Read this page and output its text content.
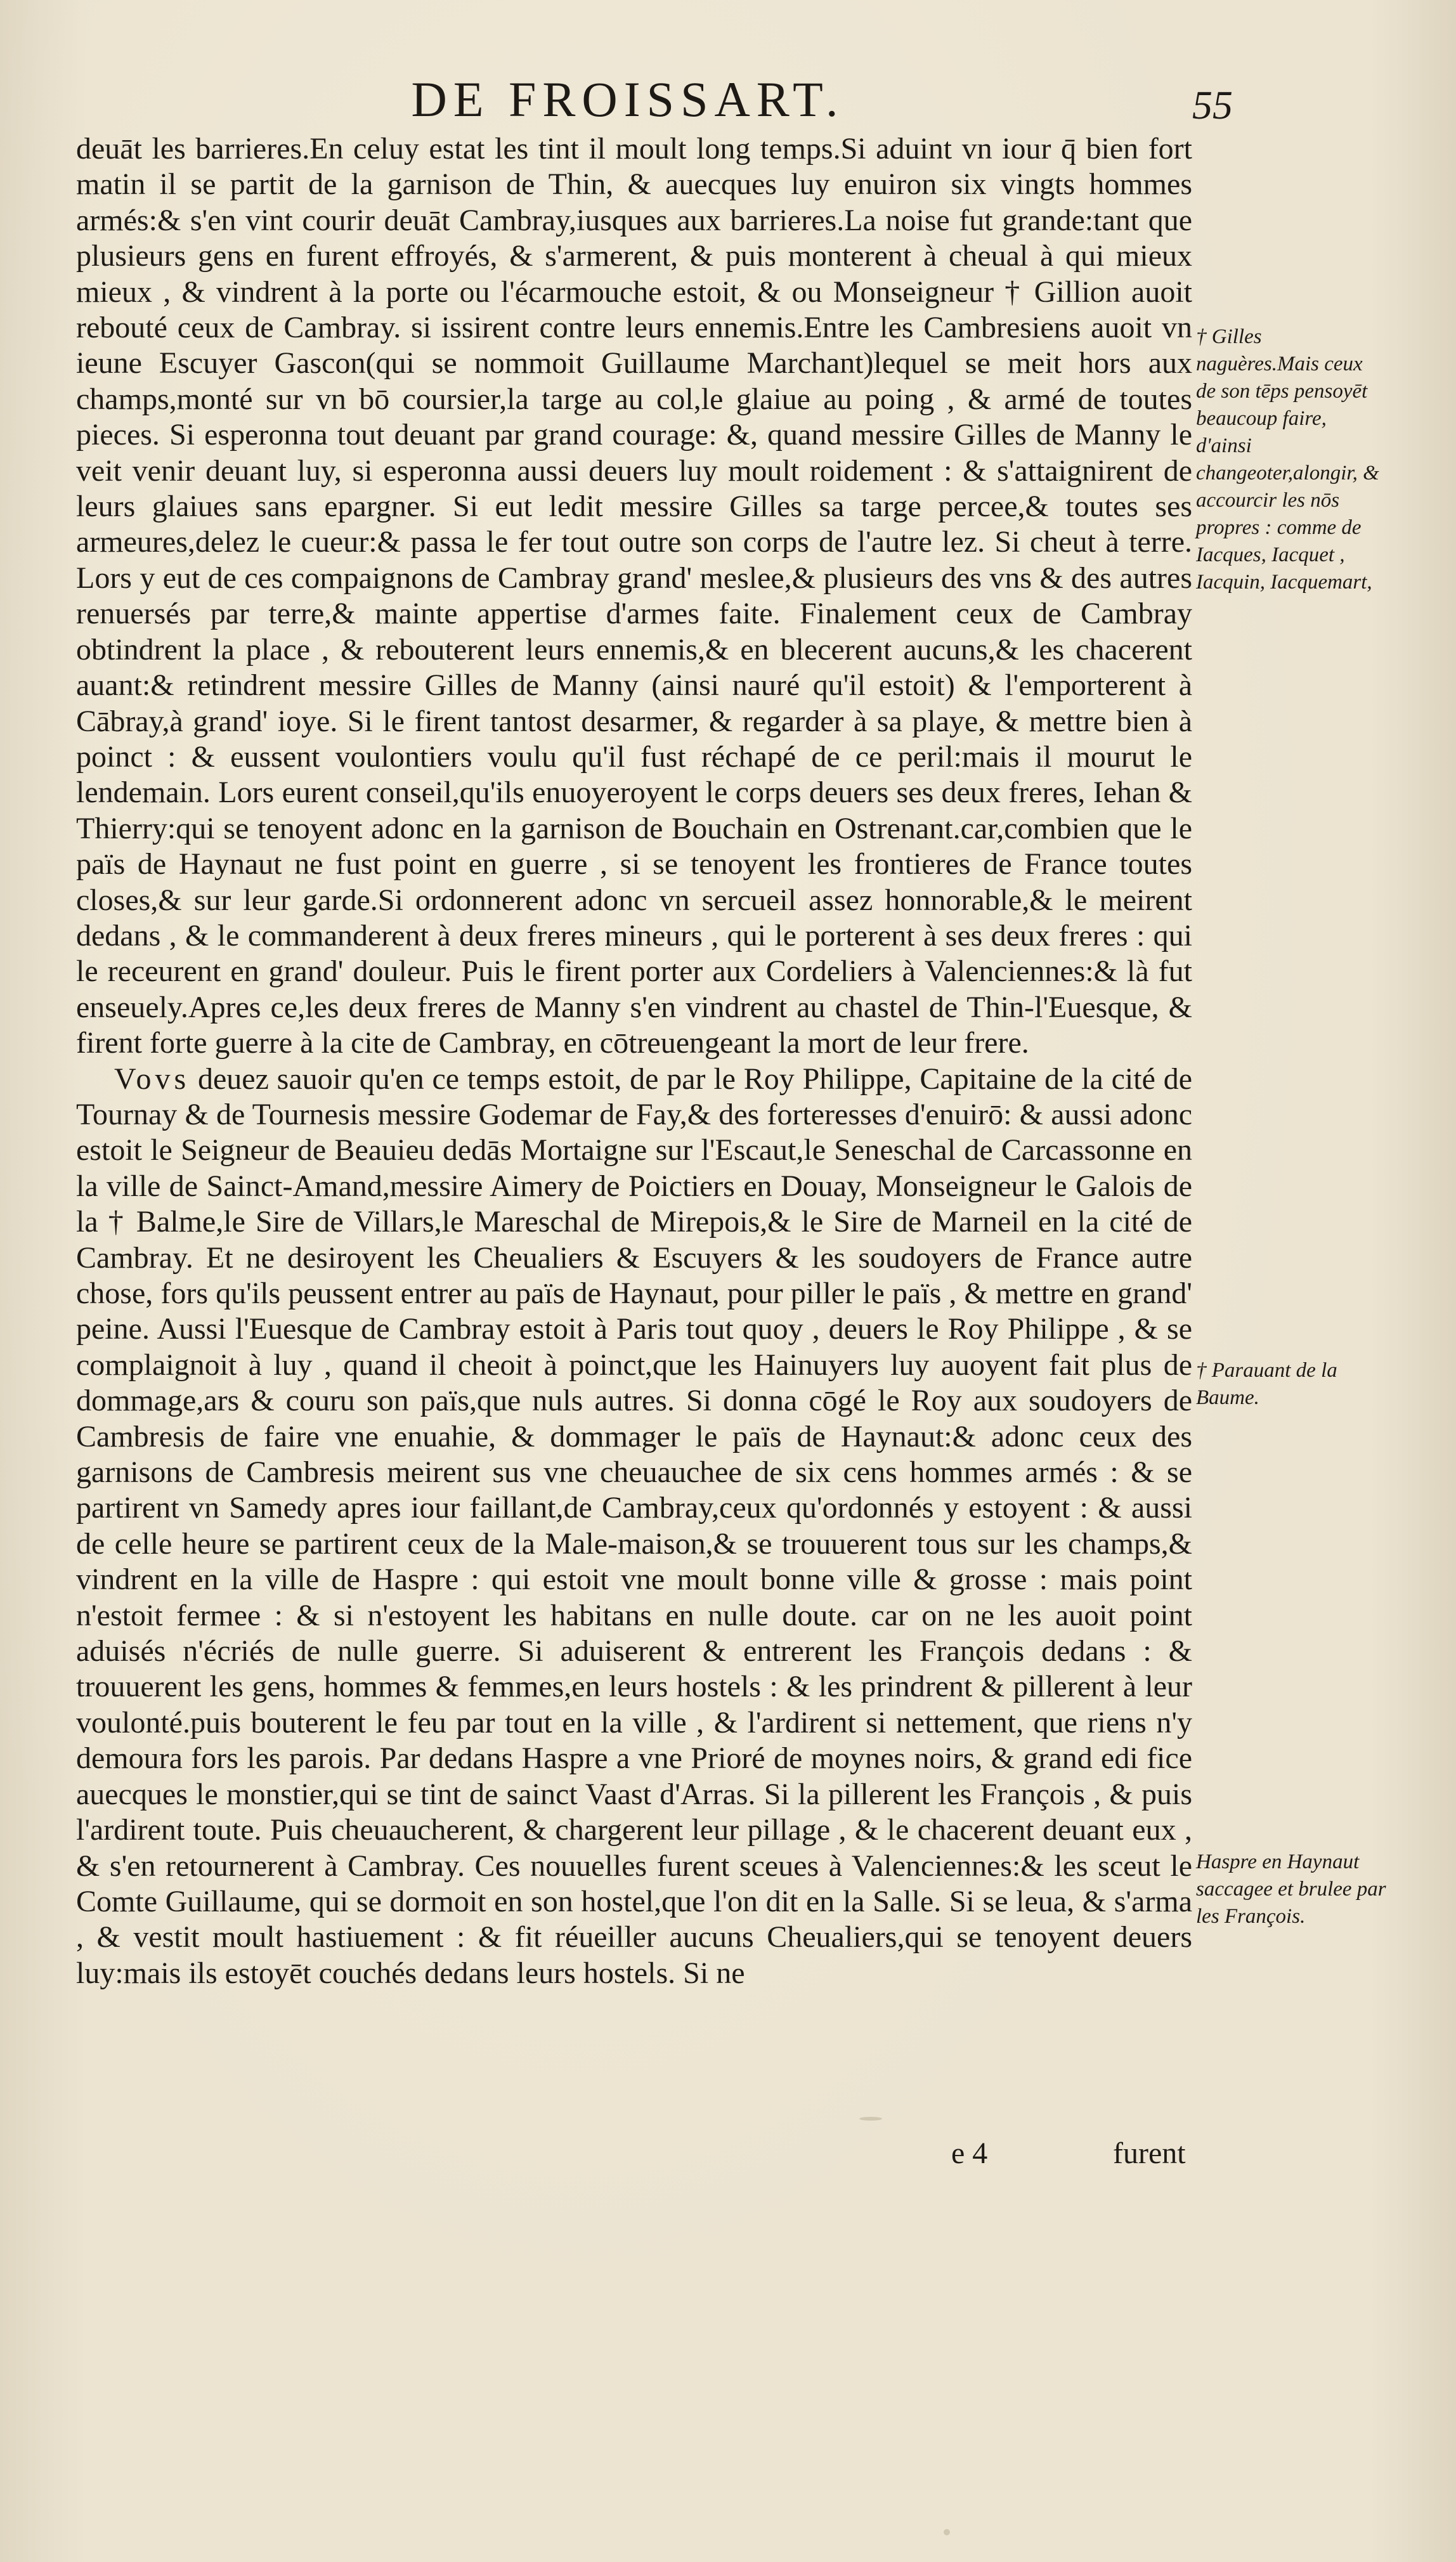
DE FROISSART.	55

deuāt les barrieres.En celuy estat les tint il moult long temps.Si aduint vn iour q̄ bien fort matin il se partit de la garnison de Thin, & auecques luy enuiron six vingts hommes armés:& s'en vint courir deuāt Cambray,iusques aux barrieres.La noise fut grande:tant que plusieurs gens en furent effroyés, & s'armerent, & puis monterent à cheual à qui mieux mieux , & vindrent à la porte ou l'écarmouche estoit, & ou Monseigneur † Gillion auoit rebouté ceux de Cambray. si issirent contre leurs ennemis.Entre les Cambresiens auoit vn ieune Escuyer Gascon(qui se nommoit Guillaume Marchant)lequel se meit hors aux champs,monté sur vn bō coursier,la targe au col,le glaiue au poing , & armé de toutes pieces. Si esperonna tout deuant par grand courage: &, quand messire Gilles de Manny le veit venir deuant luy, si esperonna aussi deuers luy moult roidement : & s'attaignirent de leurs glaiues sans epargner. Si eut ledit messire Gilles sa targe percee,& toutes ses armeures,delez le cueur:& passa le fer tout outre son corps de l'autre lez. Si cheut à terre. Lors y eut de ces compaignons de Cambray grand' meslee,& plusieurs des vns & des autres renuersés par terre,& mainte appertise d'armes faite. Finalement ceux de Cambray obtindrent la place , & rebouterent leurs ennemis,& en blecerent aucuns,& les chacerent auant:& retindrent messire Gilles de Manny (ainsi nauré qu'il estoit) & l'emporterent à Cābray,à grand' ioye. Si le firent tantost desarmer, & regarder à sa playe, & mettre bien à poinct : & eussent voulontiers voulu qu'il fust réchapé de ce peril:mais il mourut le lendemain. Lors eurent conseil,qu'ils enuoyeroyent le corps deuers ses deux freres, Iehan & Thierry:qui se tenoyent adonc en la garnison de Bouchain en Ostrenant.car,combien que le païs de Haynaut ne fust point en guerre , si se tenoyent les frontieres de France toutes closes,& sur leur garde.Si ordonnerent adonc vn sercueil assez honnorable,& le meirent dedans , & le commanderent à deux freres mineurs , qui le porterent à ses deux freres : qui le receurent en grand' douleur. Puis le firent porter aux Cordeliers à Valenciennes:& là fut enseuely.Apres ce,les deux freres de Manny s'en vindrent au chastel de Thin-l'Euesque, & firent forte guerre à la cite de Cambray, en cōtreuengeant la mort de leur frere.

Vovs deuez sauoir qu'en ce temps estoit, de par le Roy Philippe, Capitaine de la cité de Tournay & de Tournesis messire Godemar de Fay,& des forteresses d'enuirō: & aussi adonc estoit le Seigneur de Beauieu dedās Mortaigne sur l'Escaut,le Seneschal de Carcassonne en la ville de Sainct-Amand,messire Aimery de Poictiers en Douay, Monseigneur le Galois de la † Balme,le Sire de Villars,le Mareschal de Mirepois,& le Sire de Marneil en la cité de Cambray. Et ne desiroyent les Cheualiers & Escuyers & les soudoyers de France autre chose, fors qu'ils peussent entrer au païs de Haynaut, pour piller le païs , & mettre en grand' peine. Aussi l'Euesque de Cambray estoit à Paris tout quoy , deuers le Roy Philippe , & se complaignoit à luy , quand il cheoit à poinct,que les Hainuyers luy auoyent fait plus de dommage,ars & couru son païs,que nuls autres. Si donna cōgé le Roy aux soudoyers de Cambresis de faire vne enuahie, & dommager le païs de Haynaut:& adonc ceux des garnisons de Cambresis meirent sus vne cheuauchee de six cens hommes armés : & se partirent vn Samedy apres iour faillant,de Cambray,ceux qu'ordonnés y estoyent : & aussi de celle heure se partirent ceux de la Male-maison,& se trouuerent tous sur les champs,& vindrent en la ville de Haspre : qui estoit vne moult bonne ville & grosse : mais point n'estoit fermee : & si n'estoyent les habitans en nulle doute. car on ne les auoit point aduisés n'écriés de nulle guerre. Si aduiserent & entrerent les François dedans : & trouuerent les gens, hommes & femmes,en leurs hostels : & les prindrent & pillerent à leur voulonté.puis bouterent le feu par tout en la ville , & l'ardirent si nettement, que riens n'y demoura fors les parois. Par dedans Haspre a vne Prioré de moynes noirs, & grand edi fice auecques le monstier,qui se tint de sainct Vaast d'Arras. Si la pillerent les François , & puis l'ardirent toute. Puis cheuaucherent, & chargerent leur pillage , & le chacerent deuant eux , & s'en retournerent à Cambray. Ces nouuelles furent sceues à Valenciennes:& les sceut le Comte Guillaume, qui se dormoit en son hostel,que l'on dit en la Salle. Si se leua, & s'arma , & vestit moult hastiuement : & fit réueiller aucuns Cheualiers,qui se tenoyent deuers luy:mais ils estoyēt couchés dedans leurs hostels. Si ne

† Gilles naguères.Mais ceux de son tēps pensoyēt beaucoup faire, d'ainsi changeoter,alongir, & accourcir les nōs propres : comme de Iacques, Iacquet , Iacquin, Iacquemart,

† Parauant de la Baume.

Haspre en Haynaut saccagee et brulee par les François.

e 4	furent
